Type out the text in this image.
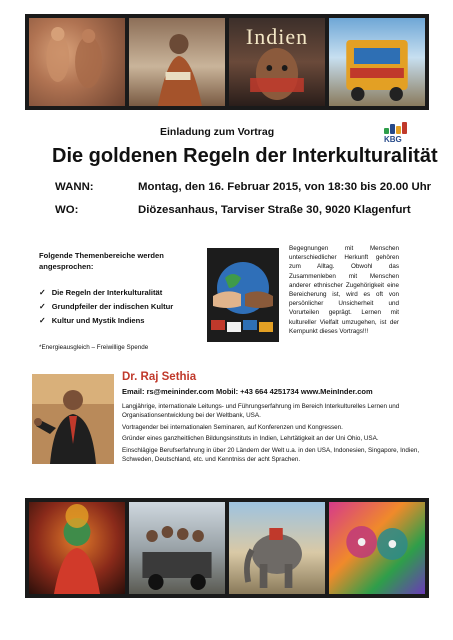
Indien
Einladung zum Vortrag
KBG
Die goldenen Regeln der Interkulturalität
WANN:	Montag, den 16. Februar 2015, von 18:30 bis 20.00 Uhr
WO:	Diözesanhaus, Tarviser Straße 30, 9020 Klagenfurt
Folgende Themenbereiche werden angesprochen:
✓ Die Regeln der Interkulturalität
✓ Grundpfeiler der indischen Kultur
✓ Kultur und Mystik Indiens
*Energieausgleich – Freiwillige Spende
Begegnungen mit Menschen unterschiedlicher Herkunft gehören zum Alltag. Obwohl das Zusammenleben mit Menschen anderer ethnischer Zugehörigkeit eine Bereicherung ist, wird es oft von persönlicher Unsicherheit und Vorurteilen geprägt. Lernen mit kultureller Vielfalt umzugehen, ist der Kernpunkt dieses Vortrags!!!
Dr. Raj Sethia
Email: rs@meininder.com Mobil: +43 664 4251734 www.MeinInder.com

Langjährige, internationale Leitungs- und Führungserfahrung im Bereich Interkulturelles Lernen und Organisationsentwicklung bei der Weltbank, USA.

Vortragender bei internationalen Seminaren, auf Konferenzen und Kongressen.

Gründer eines ganzheitlichen Bildungsinstituts in Indien, Lehrtätigkeit an der Uni Ohio, USA.

Einschlägige Berufserfahrung in über 20 Ländern der Welt u.a. in den USA, Indonesien, Singapore, Indien, Schweden, Deutschland, etc. und Kenntniss der acht Sprachen.
